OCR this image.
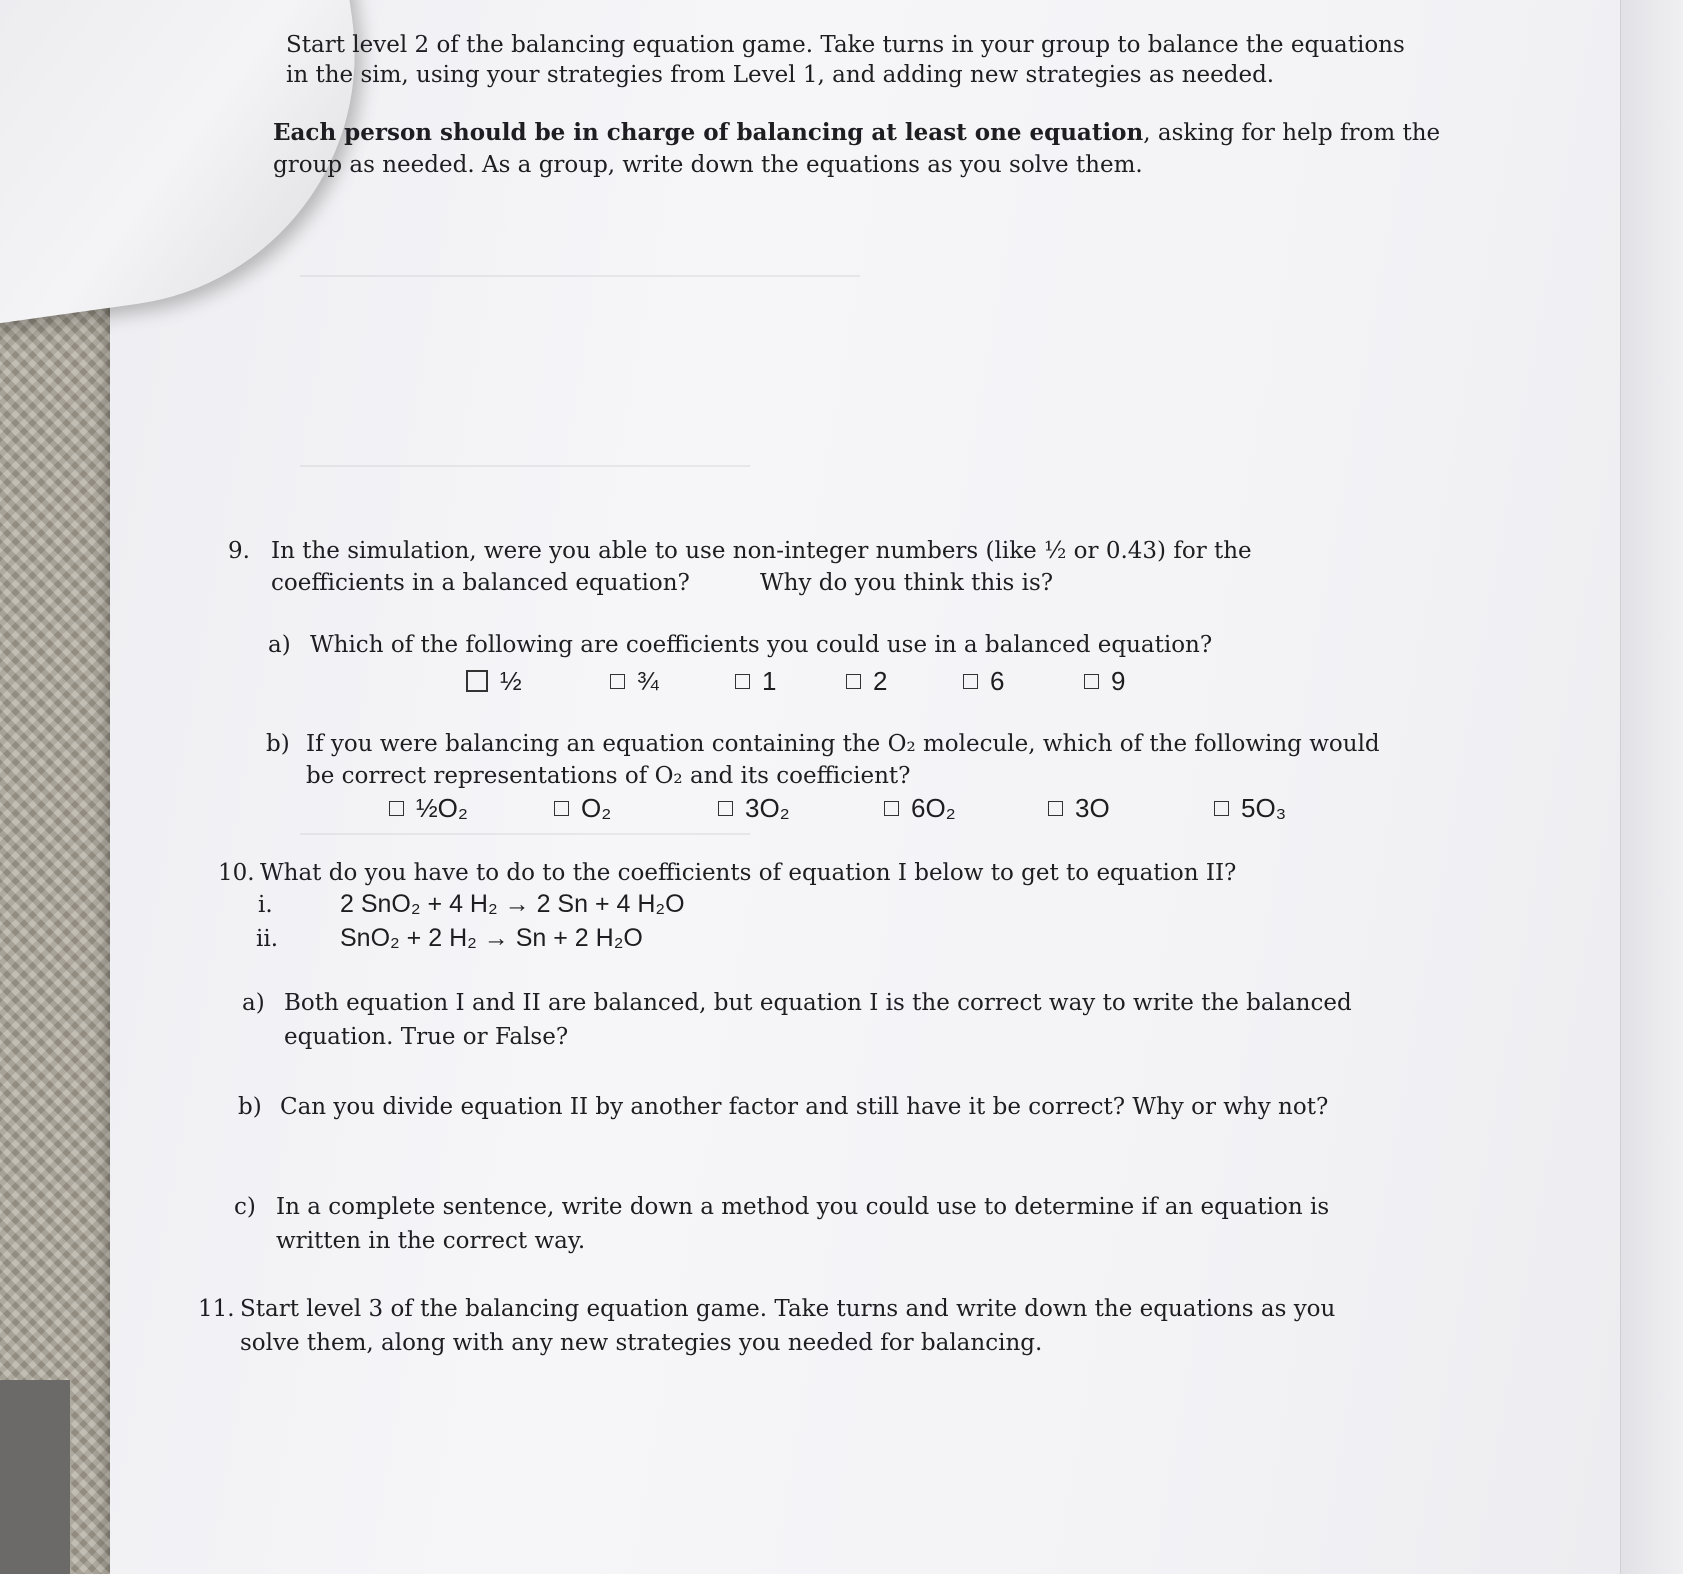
Start level 2 of the balancing equation game. Take turns in your group to balance the equations
in the sim, using your strategies from Level 1, and adding new strategies as needed.
Each person should be in charge of balancing at least one equation, asking for help from the
group as needed. As a group, write down the equations as you solve them.
9. In the simulation, were you able to use non-integer numbers (like ½ or 0.43) for the
coefficients in a balanced equation?	Why do you think this is?
a) Which of the following are coefficients you could use in a balanced equation?
½	¾	1	2	6	9
b) If you were balancing an equation containing the O₂ molecule, which of the following would
be correct representations of O₂ and its coefficient?
½O₂	O₂	3O₂	6O₂	3O	5O₃
10. What do you have to do to the coefficients of equation I below to get to equation II?
i.	2 SnO₂ + 4 H₂ → 2 Sn + 4 H₂O
ii. SnO₂ + 2 H₂ → Sn + 2 H₂O
a) Both equation I and II are balanced, but equation I is the correct way to write the balanced
equation. True or False?
b) Can you divide equation II by another factor and still have it be correct? Why or why not?
c) In a complete sentence, write down a method you could use to determine if an equation is
written in the correct way.
11. Start level 3 of the balancing equation game. Take turns and write down the equations as you
solve them, along with any new strategies you needed for balancing.
